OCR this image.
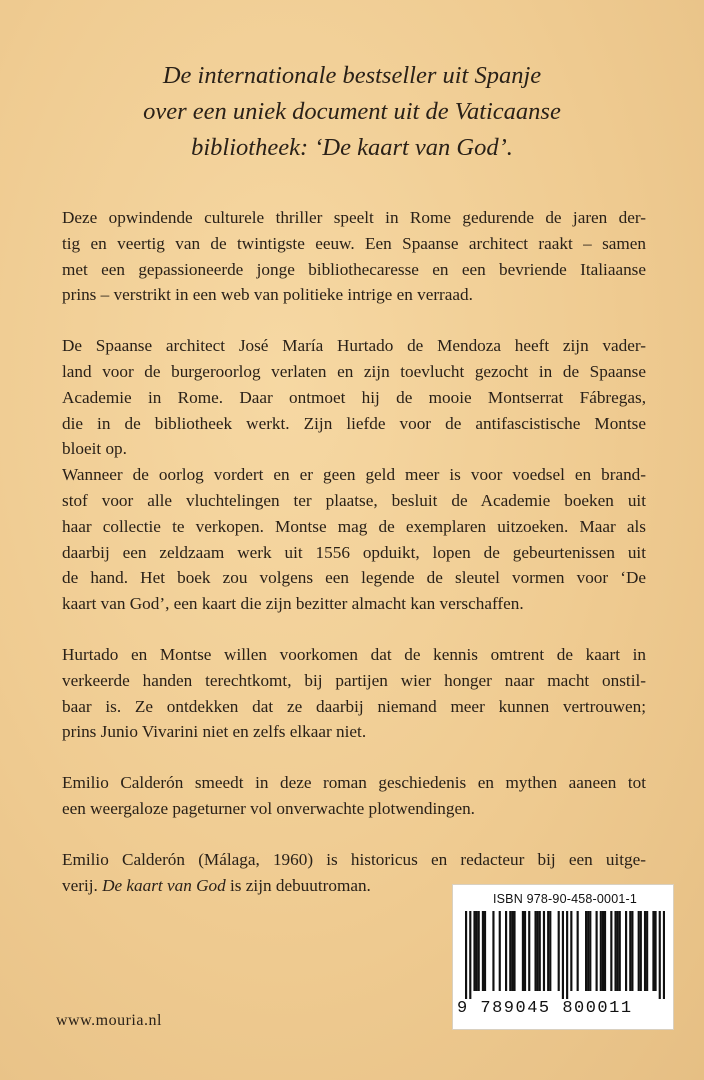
De internationale bestseller uit Spanje
over een uniek document uit de Vaticaanse
bibliotheek: ‘De kaart van God’.

Deze opwindende culturele thriller speelt in Rome gedurende de jaren der-
tig en veertig van de twintigste eeuw. Een Spaanse architect raakt – samen
met een gepassioneerde jonge bibliothecaresse en een bevriende Italiaanse
prins – verstrikt in een web van politieke intrige en verraad.

De Spaanse architect José María Hurtado de Mendoza heeft zijn vader-
land voor de burgeroorlog verlaten en zijn toevlucht gezocht in de Spaanse
Academie in Rome. Daar ontmoet hij de mooie Montserrat Fábregas,
die in de bibliotheek werkt. Zijn liefde voor de antifascistische Montse
bloeit op.

Wanneer de oorlog vordert en er geen geld meer is voor voedsel en brand-
stof voor alle vluchtelingen ter plaatse, besluit de Academie boeken uit
haar collectie te verkopen. Montse mag de exemplaren uitzoeken. Maar als
daarbij een zeldzaam werk uit 1556 opduikt, lopen de gebeurtenissen uit
de hand. Het boek zou volgens een legende de sleutel vormen voor ‘De
kaart van God’, een kaart die zijn bezitter almacht kan verschaffen.

Hurtado en Montse willen voorkomen dat de kennis omtrent de kaart in
verkeerde handen terechtkomt, bij partijen wier honger naar macht onstil-
baar is. Ze ontdekken dat ze daarbij niemand meer kunnen vertrouwen;
prins Junio Vivarini niet en zelfs elkaar niet.

Emilio Calderón smeedt in deze roman geschiedenis en mythen aaneen tot
een weergaloze pageturner vol onverwachte plotwendingen.

Emilio Calderón (Málaga, 1960) is historicus en redacteur bij een uitge-
verij. De kaart van God is zijn debuutroman.

ISBN 978-90-458-0001-1
9 789045 800011
www.mouria.nl
